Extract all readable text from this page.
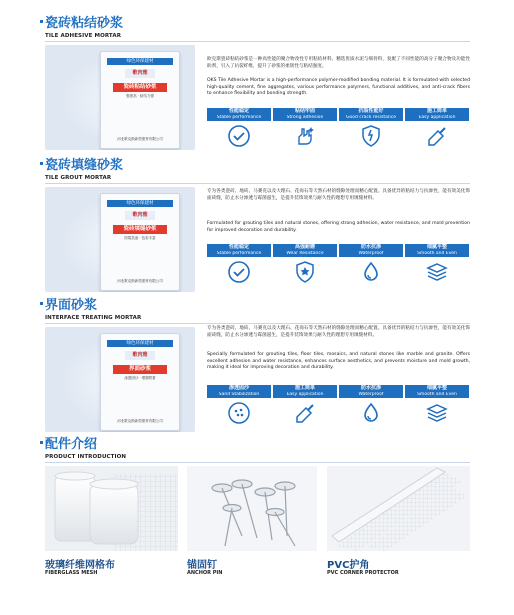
瓷砖粘结砂浆
TILE ADHESIVE MORTAR
绿色环保建材
歌肉雅
瓷砖粘结砂浆
强度高 · 粘结力强
河北歌克斯新型建材有限公司
欧克斯瓷砖粘结砂浆是一种高性能的聚合物改性专用粘结材料。精选优质水泥与细骨料，复配了不同性能的高分子聚合物及功能性助剂，引入了抗裂纤维，提升了砂浆的柔韧性与粘结强度。
OKS Tile Adhesive Mortar is a high-performance polymer-modified bonding material. It is formulated with selected high-quality cement, fine aggregates, various performance polymers, functional additives, and anti-crack fibers to enhance flexibility and bonding strength.
性能稳定
Stable performance
粘结牢固
Strong adhesion
抗裂性能好
Good crack resistance
施工简单
Easy application
瓷砖填缝砂浆
TILE GROUT MORTAR
绿色环保建材
歌肉雅
瓷砖填缝砂浆
防霉抗渗 · 色彩丰富
河北歌克斯新型建材有限公司
专为各类瓷砖、地砖、马赛克以及大理石、花岗石等天然石材的缝隙处理而精心配置。具备优异的粘结力与抗渗性，能有效美化饰面砖缝，防止水分渗透与霉菌滋生，是提升装饰效果与耐久性的理想专用填缝材料。
Formulated for grouting tiles and natural stones, offering strong adhesion, water resistance, and mold prevention for improved decoration and durability.
性能稳定
Stable performance
高强耐磨
Wear Resistance
防水抗渗
Waterproof
细腻平整
Smooth and Even
界面砂浆
INTERFACE TREATING MORTAR
绿色环保建材
歌肉雅
界面砂浆
渗透固沙 · 增强附着
河北歌克斯新型建材有限公司
专为各类瓷砖、地砖、马赛克以及大理石、花岗石等天然石材的缝隙处理而精心配置。具备优异的粘结力与抗渗性，能有效美化饰面砖缝，防止水分渗透与霉菌滋生，是提升装饰效果与耐久性的理想专用填缝材料。
Specially formulated for grouting tiles, floor tiles, mosaics, and natural stones like marble and granite. Offers excellent adhesion and water resistance, enhances surface aesthetics, and prevents moisture and mold growth, making it ideal for improving decoration and durability.
渗透固沙
Sand Stabilization
施工简单
Easy application
防水抗渗
Waterproof
细腻平整
Smooth and Even
配件介绍
PRODUCT INTRODUCTION
玻璃纤维网格布
FIBERGLASS MESH
锚固钉
ANCHOR PIN
PVC护角
PVC CORNER PROTECTOR
